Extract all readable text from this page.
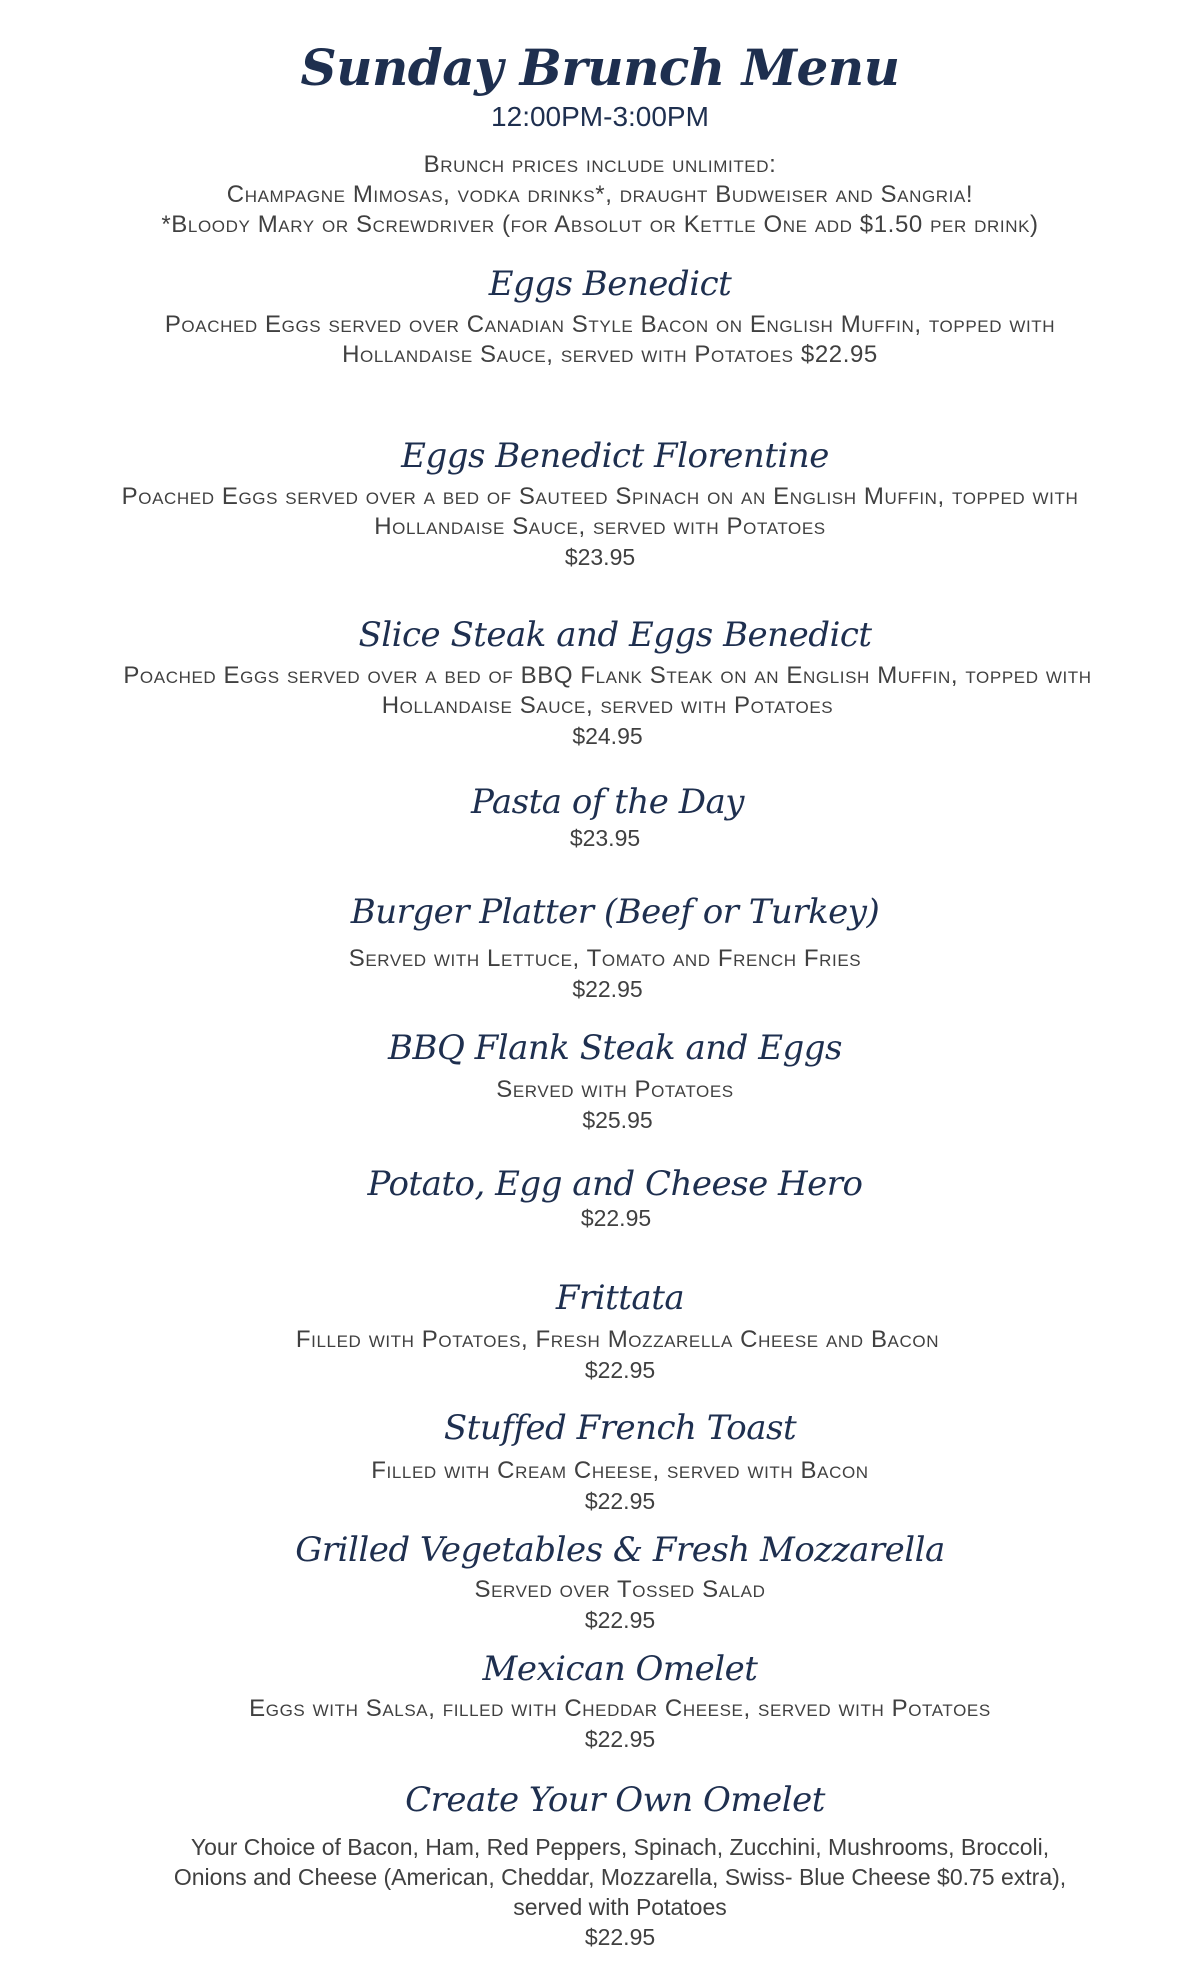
Sunday Brunch Menu
12:00PM-3:00PM
Brunch prices include unlimited:
Champagne Mimosas, vodka drinks*, draught Budweiser and Sangria!
*Bloody Mary or Screwdriver (for Absolut or Kettle One add $1.50 per drink)
Eggs Benedict
Poached Eggs served over Canadian Style Bacon on English Muffin, topped with
Hollandaise Sauce, served with Potatoes $22.95
Eggs Benedict Florentine
Poached Eggs served over a bed of Sauteed Spinach on an English Muffin, topped with
Hollandaise Sauce, served with Potatoes
$23.95
Slice Steak and Eggs Benedict
Poached Eggs served over a bed of BBQ Flank Steak on an English Muffin, topped with
Hollandaise Sauce, served with Potatoes
$24.95
Pasta of the Day
$23.95
Burger Platter (Beef or Turkey)
Served with Lettuce, Tomato and French Fries
$22.95
BBQ Flank Steak and Eggs
Served with Potatoes
$25.95
Potato, Egg and Cheese Hero
$22.95
Frittata
Filled with Potatoes, Fresh Mozzarella Cheese and Bacon
$22.95
Stuffed French Toast
Filled with Cream Cheese, served with Bacon
$22.95
Grilled Vegetables & Fresh Mozzarella
Served over Tossed Salad
$22.95
Mexican Omelet
Eggs with Salsa, filled with Cheddar Cheese, served with Potatoes
$22.95
Create Your Own Omelet
Your Choice of Bacon, Ham, Red Peppers, Spinach, Zucchini, Mushrooms, Broccoli,
Onions and Cheese (American, Cheddar, Mozzarella, Swiss- Blue Cheese $0.75 extra),
served with Potatoes
$22.95
